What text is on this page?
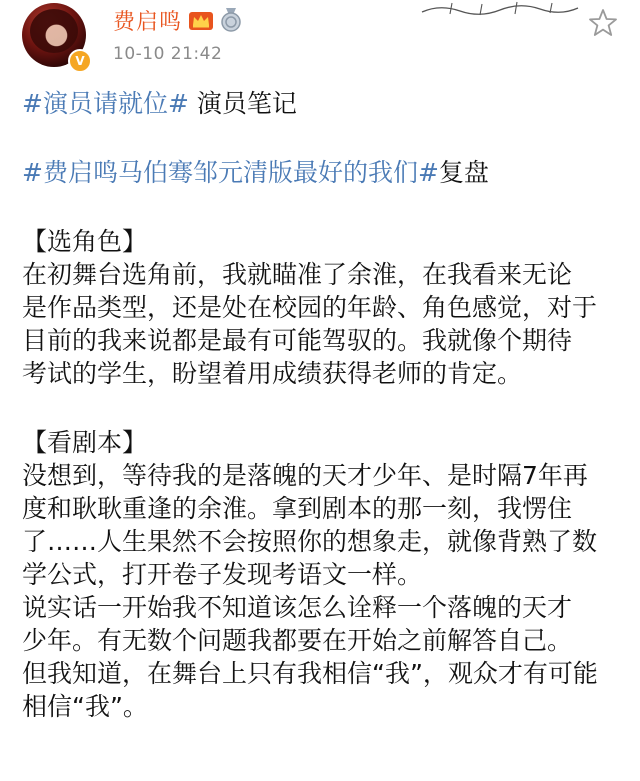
V
费启鸣
10-10 21:42

#演员请就位# 演员笔记

#费启鸣马伯骞邹元清版最好的我们#复盘

【选角色】

在初舞台选角前，我就瞄准了余淮，在我看来无论

是作品类型，还是处在校园的年龄、角色感觉，对于

目前的我来说都是最有可能驾驭的。我就像个期待

考试的学生，盼望着用成绩获得老师的肯定。

【看剧本】

没想到，等待我的是落魄的天才少年、是时隔7年再

度和耿耿重逢的余淮。拿到剧本的那一刻，我愣住

了……人生果然不会按照你的想象走，就像背熟了数

学公式，打开卷子发现考语文一样。

说实话一开始我不知道该怎么诠释一个落魄的天才

少年。有无数个问题我都要在开始之前解答自己。

但我知道，在舞台上只有我相信“我”，观众才有可能

相信“我”。
